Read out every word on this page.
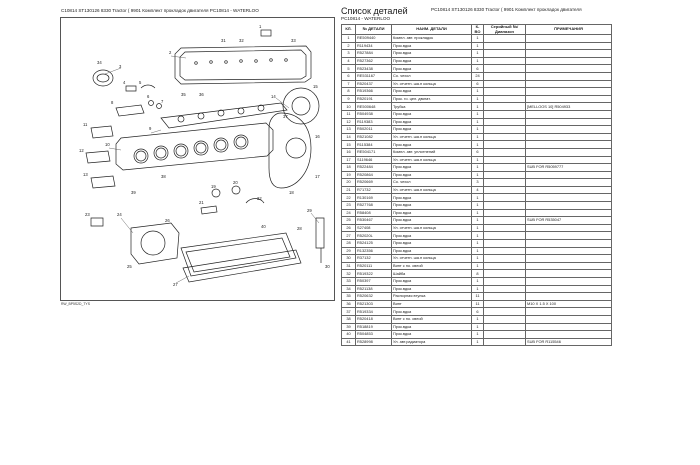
C10814 ST130126 8330 Tractor ( 9901 Комплект прокладок двигателя PC10814 - WATERLOO
1
2
3
4	5
6
7
8
9
10
11
12
13
14
15
16
17
18
19
20
21
22
23	24
25
26
27
28
29
30
31	32	33
34
35	36
37
38
39
40
RW_BP5S2D_TYS
Список деталей	PC10814 ST130126 8330 Tractor ( 9901 Комплект прокладок двигателя
PC10814 - WATERLOO
КЛ.	№ ДЕТАЛИ	НАИМ. ДЕТАЛИ	К- ВО	Серийный №/Диапазон	ПРИМЕЧАНИЯ
1	RE509440	Компл. авт. прокладок	1		
2	R119434	Прок.вдка	1		
3	R527884	Прок.вдка	1		
4	R527362	Прок.вдка	1		
5	R523438	Прок.вдка	6		
6	RE531167	Со. чехол	24		
7	R520437	Ул. отчетн. ша.н кольца	6		
8	R519366	Прок.вдка	1		
9	R520191	Прок. го. цел. двигат.	1		
10	RE500648	Трубка	1		[MELLOOS 10] R504933
11	R504938	Прок.вдка	1		
12	R119383	Прок.вдка	1		
13	R502011	Прок.вдка	1		
14	R521082	Ул. отчетн. ша.н кольца	1		
15	R115384	Прок.вдка	1		
16	RE504171	Компл. авт. уплотнений	6		
17	S119646	Ул. отчетн. ша.н кольца	1		
18	R522484	Прок.вдка	1		SUB FOR R5059777
19	R520864	Прок.вдка	1		
20	R520669	Со. чехол	3		
21	R71732	Ул. отчетн. ша.н кольца	4		
22	R130169	Прок.вдка	1		
23	R527768	Прок.вдка	1		
24	R58408	Прок.вдка	1		
25	R530467	Прок.вдка	1		SUB FOR R535047
26	S27408	Ул. отчетн. ша.н кольца	1		
27	R52020L	Прок.вдка	1		
28	R524125	Прок.вдка	1		
29	R132356	Прок.вдка	1		
30	R37132	Ул. отчетн. ша.н кольца	1		
31	R520111	Винт с по. свеой	1		
32	R519322	Шайба	8		
33	R50397	Прок.вдка	1		
34	R521138	Прок.вдка	1		
35	R520632	Распорная втулка	11		
36	R521303	Винт	11		M10 X 1.5 X 100
37	R519334	Прок.вдка	6		
38	R520418	Винт с по. свеой	1		
39	R518819	Прок.вдка	1		
40	R504853	Прок.вдка	1		
41	R528998	Ул. авт.радиатора	1		SUB FOR R115546
